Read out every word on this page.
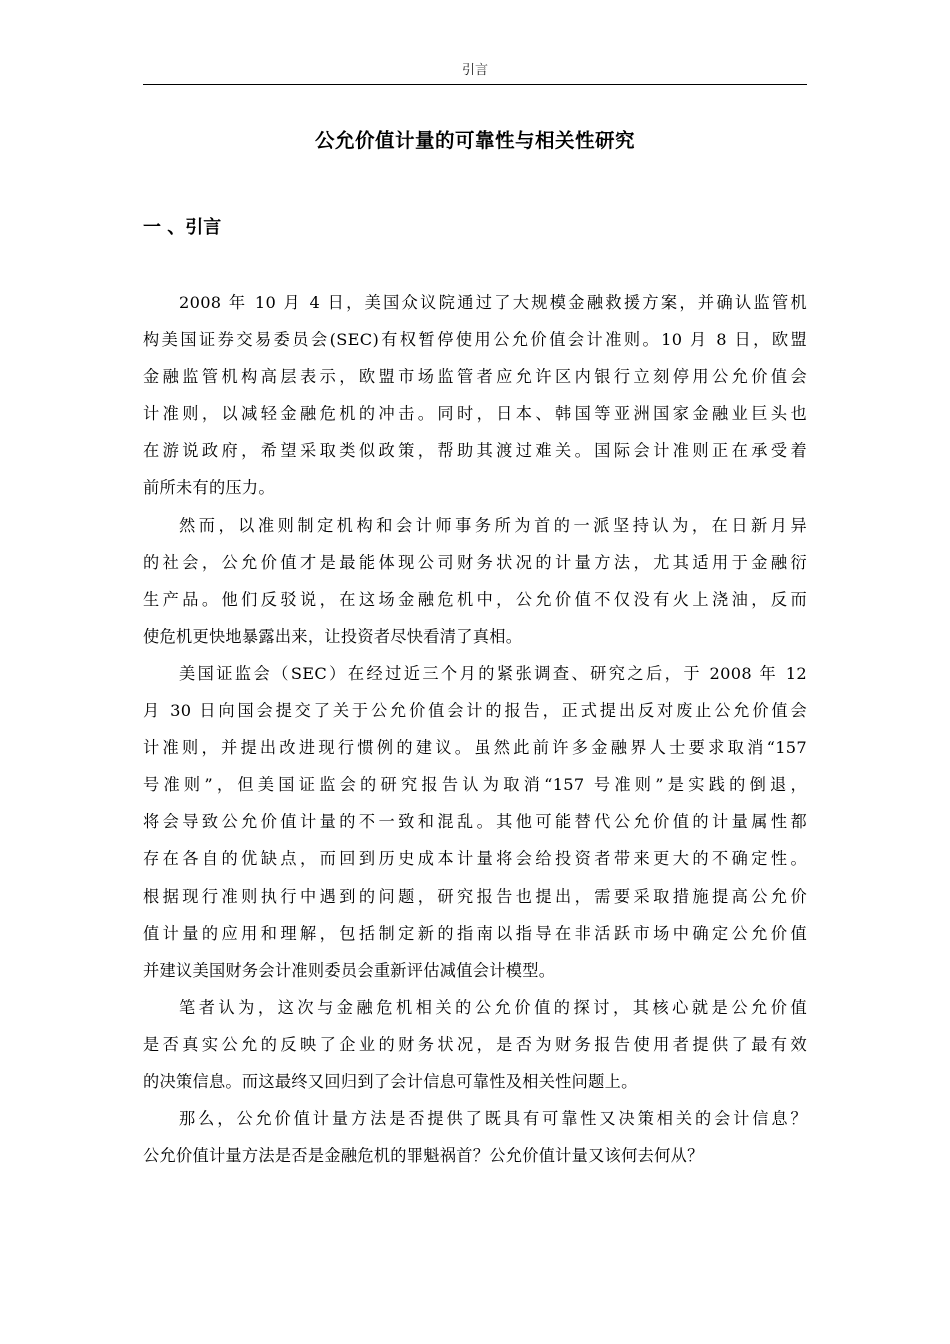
引言
公允价值计量的可靠性与相关性研究
一 、引言
2008 年 10 月 4 日，美国众议院通过了大规模金融救援方案，并确认监管机
构美国证券交易委员会(SEC)有权暂停使用公允价值会计准则。10 月 8 日，欧盟
金融监管机构高层表示，欧盟市场监管者应允许区内银行立刻停用公允价值会
计准则，以减轻金融危机的冲击。同时，日本、韩国等亚洲国家金融业巨头也
在游说政府，希望采取类似政策，帮助其渡过难关。国际会计准则正在承受着
前所未有的压力。
然而，以准则制定机构和会计师事务所为首的一派坚持认为，在日新月异
的社会，公允价值才是最能体现公司财务状况的计量方法，尤其适用于金融衍
生产品。他们反驳说，在这场金融危机中，公允价值不仅没有火上浇油，反而
使危机更快地暴露出来，让投资者尽快看清了真相。
美国证监会（SEC）在经过近三个月的紧张调查、研究之后，于 2008 年 12
月 30 日向国会提交了关于公允价值会计的报告，正式提出反对废止公允价值会
计准则，并提出改进现行惯例的建议。虽然此前许多金融界人士要求取消“157
号准则”，但美国证监会的研究报告认为取消“157 号准则”是实践的倒退，
将会导致公允价值计量的不一致和混乱。其他可能替代公允价值的计量属性都
存在各自的优缺点，而回到历史成本计量将会给投资者带来更大的不确定性。
根据现行准则执行中遇到的问题，研究报告也提出，需要采取措施提高公允价
值计量的应用和理解，包括制定新的指南以指导在非活跃市场中确定公允价值
并建议美国财务会计准则委员会重新评估减值会计模型。
笔者认为，这次与金融危机相关的公允价值的探讨，其核心就是公允价值
是否真实公允的反映了企业的财务状况，是否为财务报告使用者提供了最有效
的决策信息。而这最终又回归到了会计信息可靠性及相关性问题上。
那么，公允价值计量方法是否提供了既具有可靠性又决策相关的会计信息？
公允价值计量方法是否是金融危机的罪魁祸首？公允价值计量又该何去何从？
